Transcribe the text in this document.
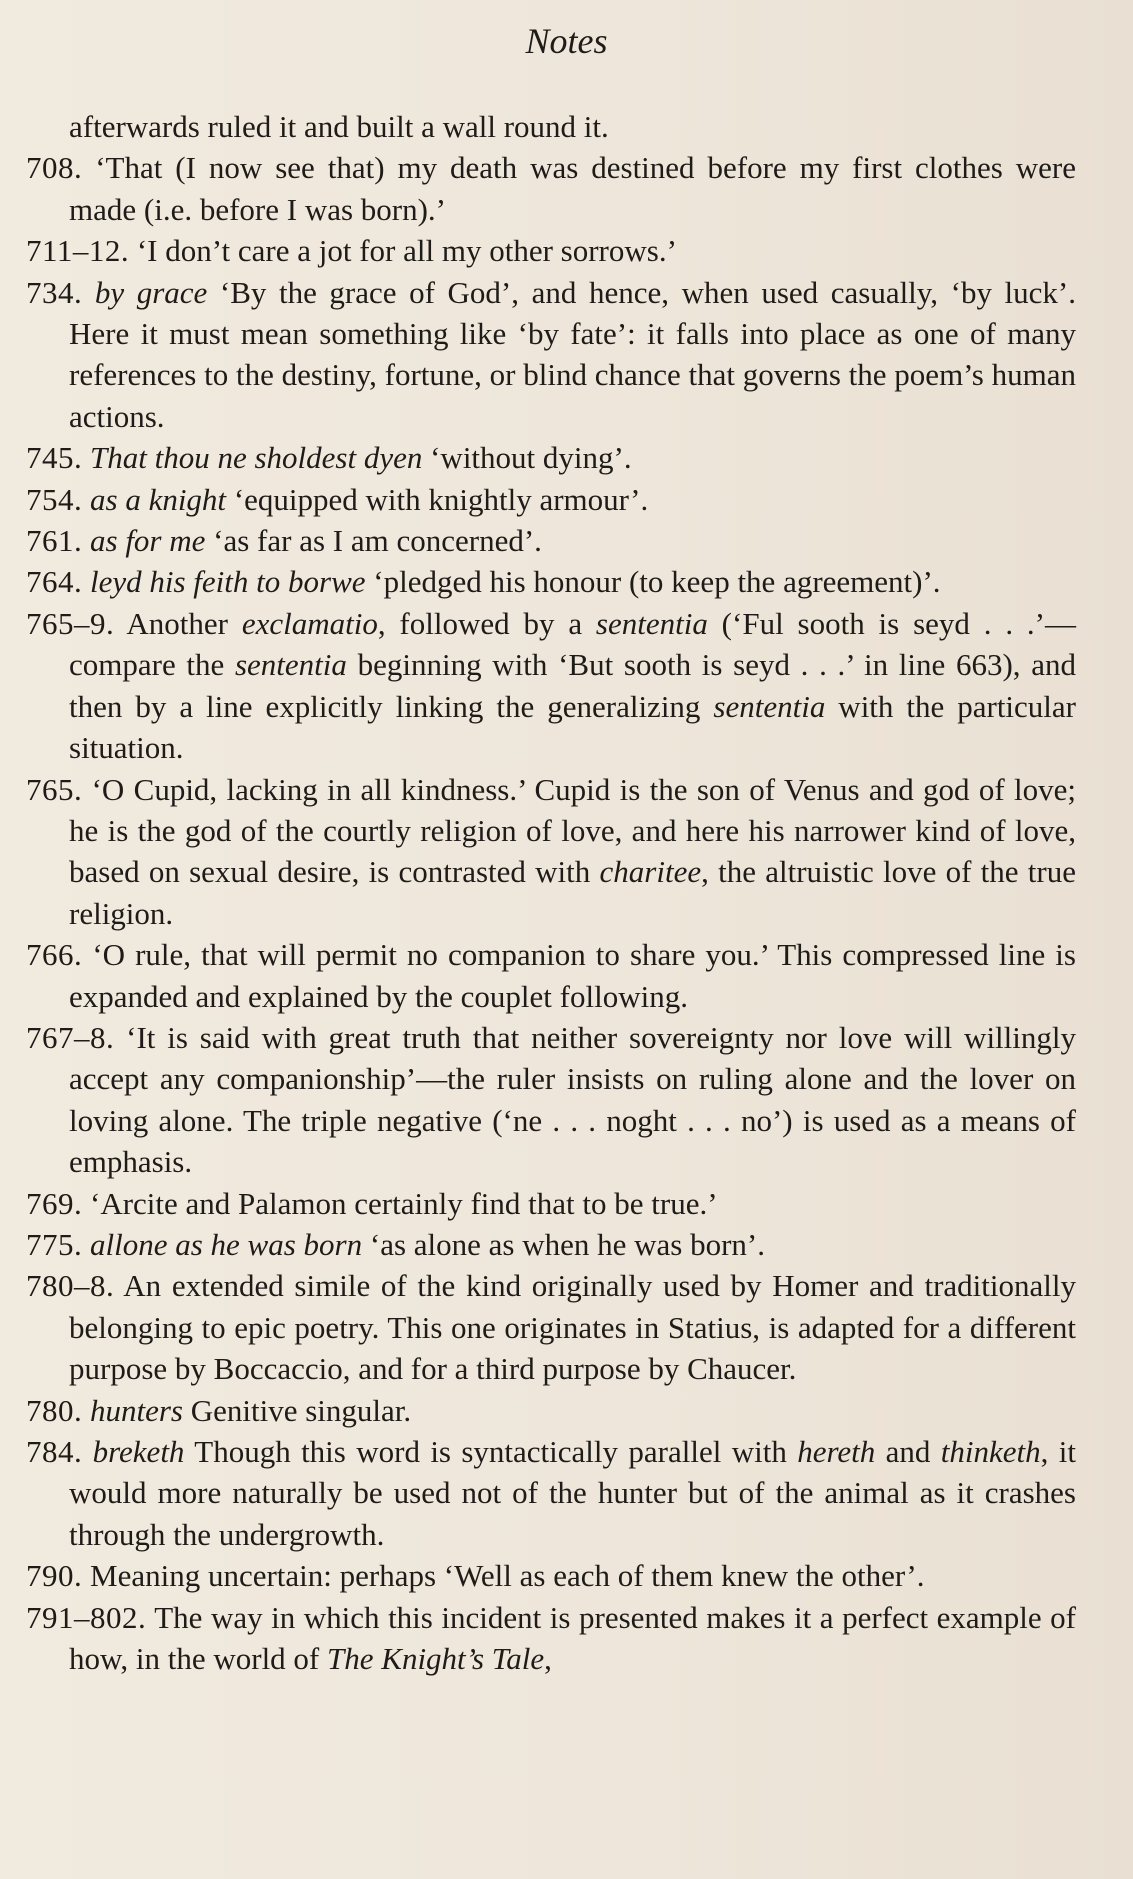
Notes
afterwards ruled it and built a wall round it.
708. ‘That (I now see that) my death was destined before my first clothes were made (i.e. before I was born).’
711–12. ‘I don’t care a jot for all my other sorrows.’
734. by grace ‘By the grace of God’, and hence, when used casually, ‘by luck’. Here it must mean something like ‘by fate’: it falls into place as one of many references to the destiny, fortune, or blind chance that governs the poem’s human actions.
745. That thou ne sholdest dyen ‘without dying’.
754. as a knight ‘equipped with knightly armour’.
761. as for me ‘as far as I am concerned’.
764. leyd his feith to borwe ‘pledged his honour (to keep the agreement)’.
765–9. Another exclamatio, followed by a sententia (‘Ful sooth is seyd . . .’—compare the sententia beginning with ‘But sooth is seyd . . .’ in line 663), and then by a line explicitly linking the generalizing sententia with the particular situation.
765. ‘O Cupid, lacking in all kindness.’ Cupid is the son of Venus and god of love; he is the god of the courtly religion of love, and here his narrower kind of love, based on sexual desire, is contrasted with charitee, the altruistic love of the true religion.
766. ‘O rule, that will permit no companion to share you.’ This compressed line is expanded and explained by the couplet following.
767–8. ‘It is said with great truth that neither sovereignty nor love will willingly accept any companionship’—the ruler insists on ruling alone and the lover on loving alone. The triple negative (‘ne . . . noght . . . no’) is used as a means of emphasis.
769. ‘Arcite and Palamon certainly find that to be true.’
775. allone as he was born ‘as alone as when he was born’.
780–8. An extended simile of the kind originally used by Homer and traditionally belonging to epic poetry. This one originates in Statius, is adapted for a different purpose by Boccaccio, and for a third purpose by Chaucer.
780. hunters Genitive singular.
784. breketh Though this word is syntactically parallel with hereth and thinketh, it would more naturally be used not of the hunter but of the animal as it crashes through the undergrowth.
790. Meaning uncertain: perhaps ‘Well as each of them knew the other’.
791–802. The way in which this incident is presented makes it a perfect example of how, in the world of The Knight’s Tale,
